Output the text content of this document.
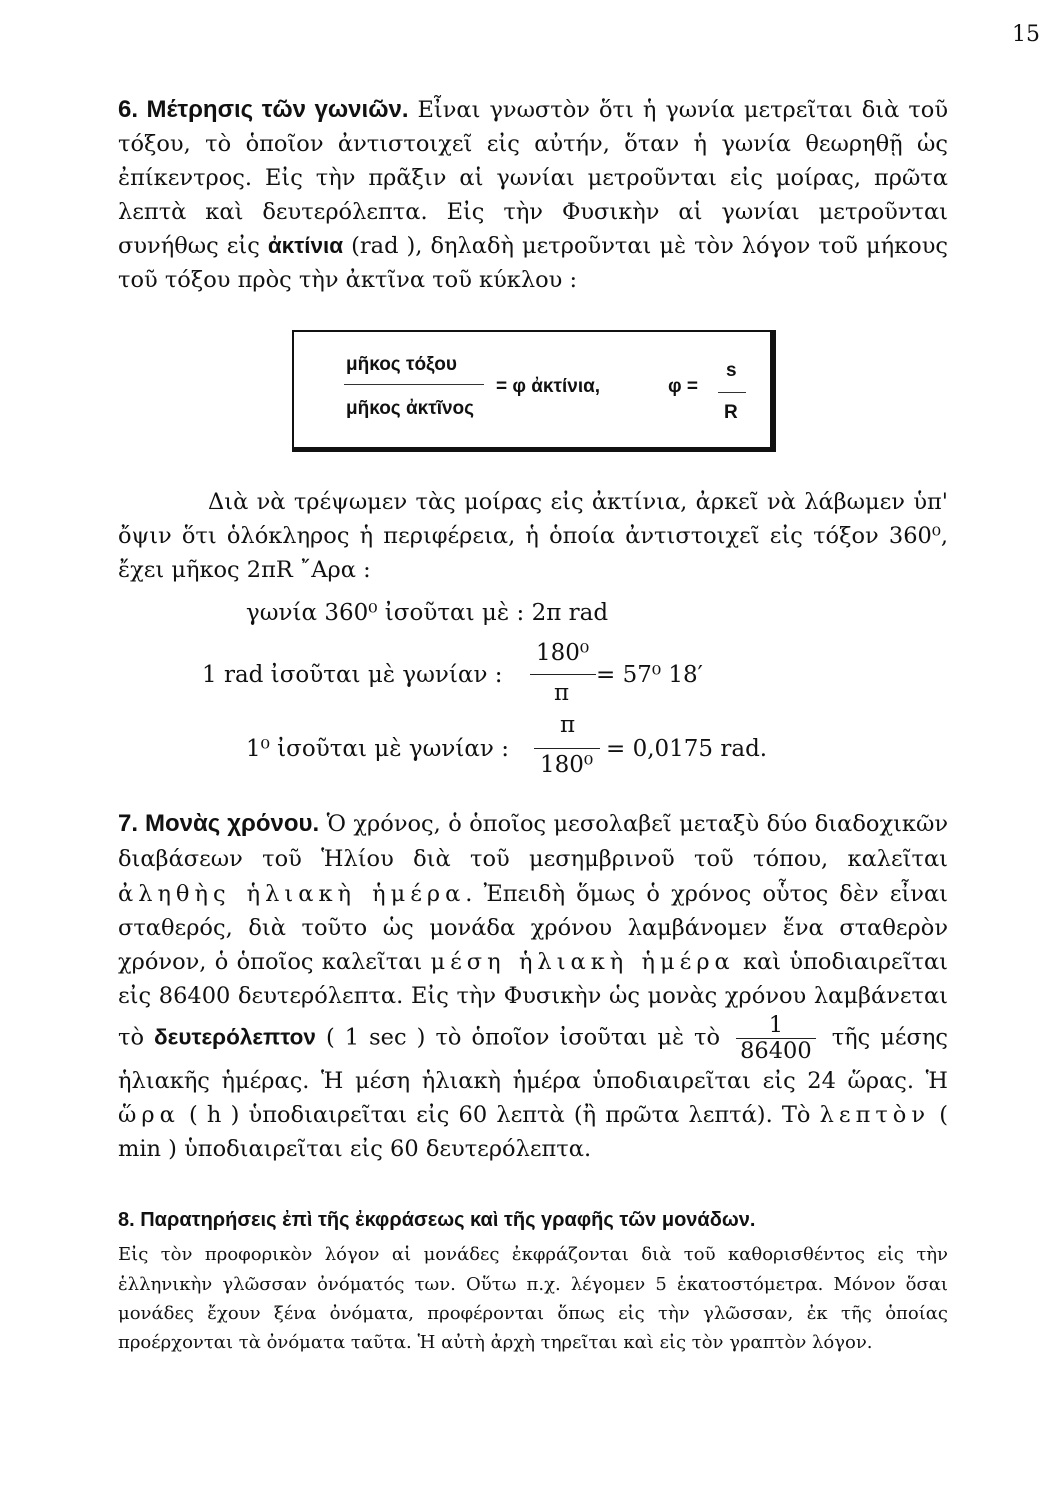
15
6. Μέτρησις τῶν γωνιῶν. Εἶναι γνωστὸν ὅτι ἡ γωνία μετρεῖται διὰ τοῦ τόξου, τὸ ὁποῖον ἀντιστοιχεῖ εἰς αὐτήν, ὅταν ἡ γωνία θεωρηθῇ ὡς ἐπίκεντρος. Εἰς τὴν πρᾶξιν αἱ γωνίαι μετροῦνται εἰς μοίρας, πρῶτα λεπτὰ καὶ δευτερόλεπτα. Εἰς τὴν Φυσικὴν αἱ γωνίαι μετροῦνται συνήθως εἰς ἀκτίνια (rad ), δηλαδὴ μετροῦνται μὲ τὸν λόγον τοῦ μήκους τοῦ τόξου πρὸς τὴν ἀκτῖνα τοῦ κύκλου :
μῆκος τόξου
μῆκος ἀκτῖνος
= φ ἀκτίνια,	φ =
s
R
Διὰ νὰ τρέψωμεν τὰς μοίρας εἰς ἀκτίνια, ἀρκεῖ νὰ λάβωμεν ὑπ' ὄψιν ὅτι ὁλόκληρος ἡ περιφέρεια, ἡ ὁποία ἀντιστοιχεῖ εἰς τόξον 360⁰, ἔχει μῆκος 2πR ῎Αρα :
γωνία 360⁰ ἰσοῦται μὲ : 2π rad
1 rad ἰσοῦται μὲ γωνίαν :
180⁰
π
= 57⁰ 18′
1⁰ ἰσοῦται μὲ γωνίαν :
π
180⁰
= 0,0175 rad.
7. Μονὰς χρόνου. Ὁ χρόνος, ὁ ὁποῖος μεσολαβεῖ μεταξὺ δύο διαδοχικῶν διαβάσεων τοῦ Ἡλίου διὰ τοῦ μεσημβρινοῦ τοῦ τόπου, καλεῖται ἀληθὴς ἡλιακὴ ἡμέρα. Ἐπειδὴ ὅμως ὁ χρόνος οὗτος δὲν εἶναι σταθερός, διὰ τοῦτο ὡς μονάδα χρόνου λαμβάνομεν ἕνα σταθερὸν χρόνον, ὁ ὁποῖος καλεῖται μέση ἡλιακὴ ἡμέρα καὶ ὑποδιαιρεῖται εἰς 86400 δευτερόλεπτα. Εἰς τὴν Φυσικὴν ὡς μονὰς χρόνου λαμβάνεται τὸ δευτερόλεπτον ( 1 sec ) τὸ ὁποῖον ἰσοῦται μὲ τὸ $\frac{1}{86400}$ τῆς μέσης ἡλιακῆς ἡμέρας. Ἡ μέση ἡλιακὴ ἡμέρα ὑποδιαιρεῖται εἰς 24 ὥρας. Ἡ ὥρα ( h ) ὑποδιαιρεῖται εἰς 60 λεπτὰ (ἢ πρῶτα λεπτά). Τὸ λεπτὸν ( min ) ὑποδιαιρεῖται εἰς 60 δευτερόλεπτα.
8. Παρατηρήσεις ἐπὶ τῆς ἐκφράσεως καὶ τῆς γραφῆς τῶν μονάδων.
Εἰς τὸν προφορικὸν λόγον αἱ μονάδες ἐκφράζονται διὰ τοῦ καθορισθέντος εἰς τὴν ἑλληνικὴν γλῶσσαν ὀνόματός των. Οὕτω π.χ. λέγομεν 5 ἑκατοστόμετρα. Μόνον ὅσαι μονάδες ἔχουν ξένα ὀνόματα, προφέρονται ὅπως εἰς τὴν γλῶσσαν, ἐκ τῆς ὁποίας προέρχονται τὰ ὀνόματα ταῦτα. Ἡ αὐτὴ ἀρχὴ τηρεῖται καὶ εἰς τὸν γραπτὸν λόγον.
